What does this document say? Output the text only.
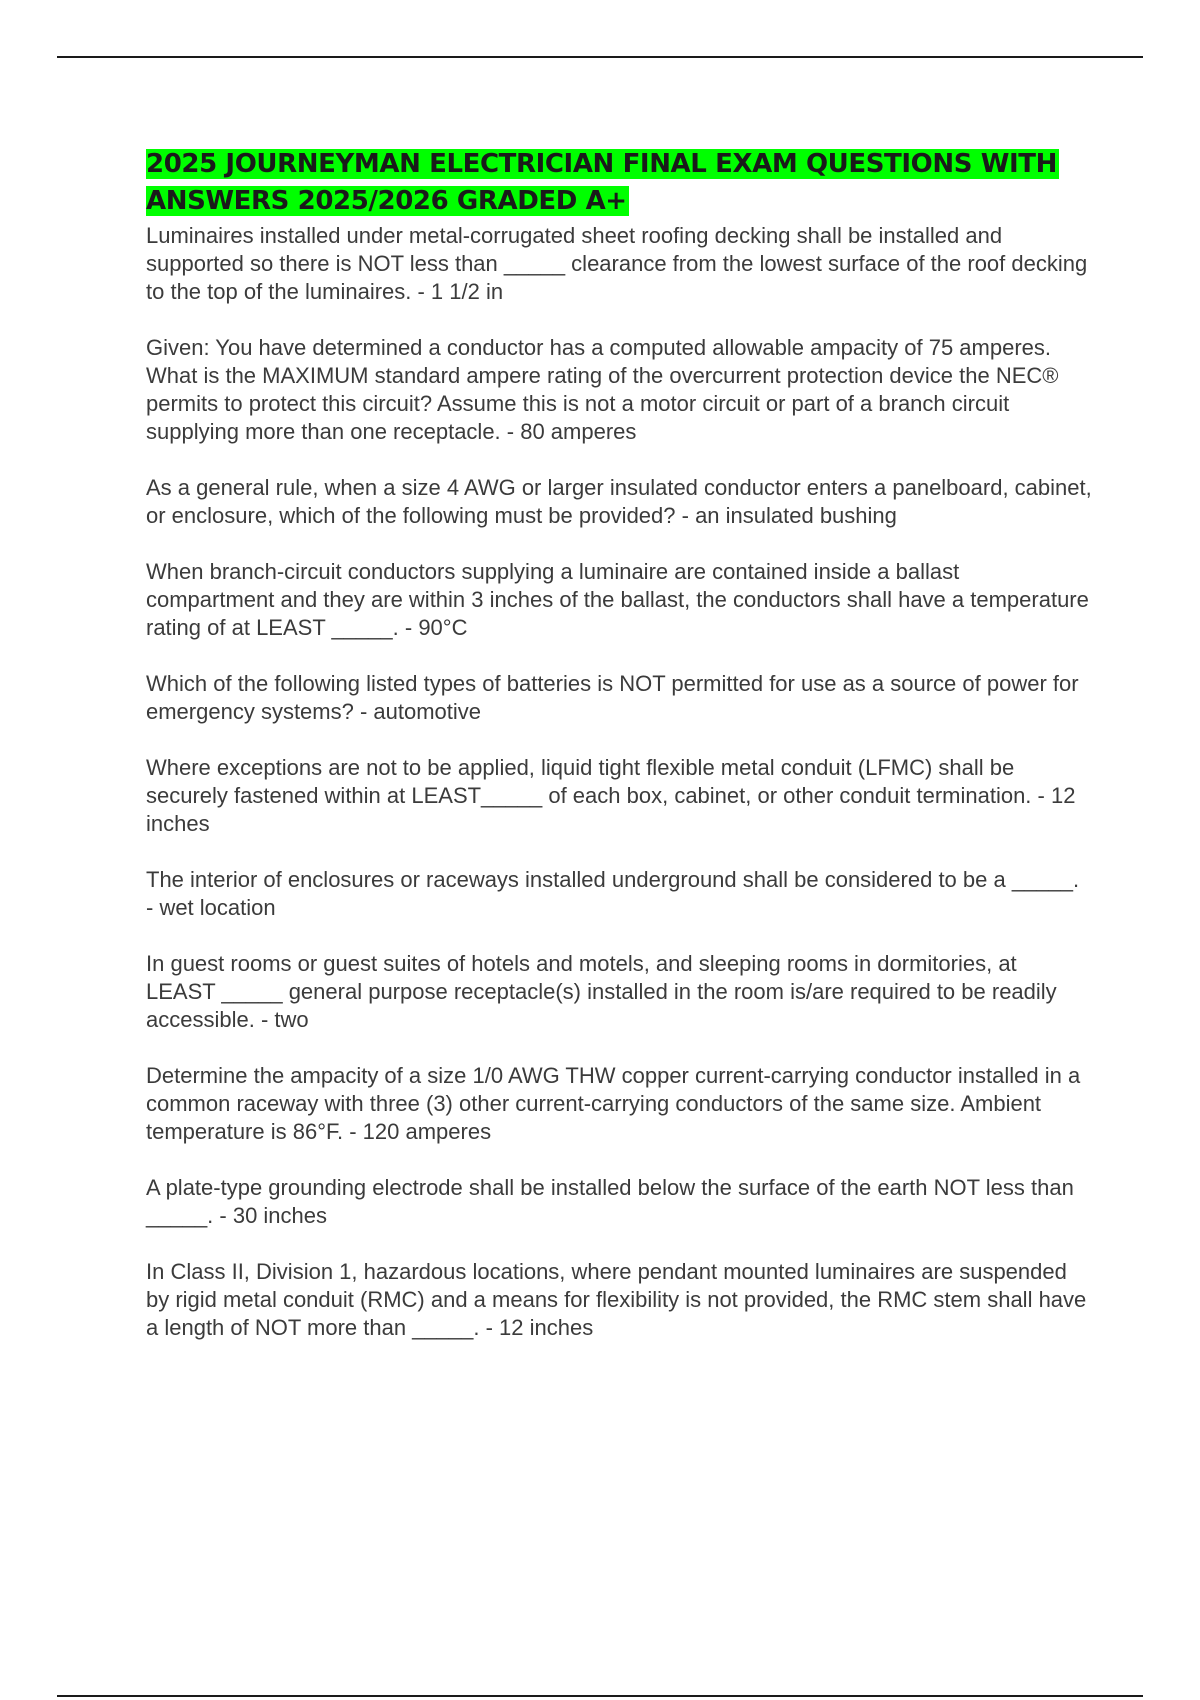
2025 JOURNEYMAN ELECTRICIAN FINAL EXAM QUESTIONS WITH ANSWERS 2025/2026 GRADED A+

Luminaires installed under metal-corrugated sheet roofing decking shall be installed and supported so there is NOT less than _____ clearance from the lowest surface of the roof decking to the top of the luminaires. - 1 1/2 in

Given: You have determined a conductor has a computed allowable ampacity of 75 amperes. What is the MAXIMUM standard ampere rating of the overcurrent protection device the NEC® permits to protect this circuit? Assume this is not a motor circuit or part of a branch circuit supplying more than one receptacle. - 80 amperes

As a general rule, when a size 4 AWG or larger insulated conductor enters a panelboard, cabinet, or enclosure, which of the following must be provided? - an insulated bushing

When branch-circuit conductors supplying a luminaire are contained inside a ballast compartment and they are within 3 inches of the ballast, the conductors shall have a temperature rating of at LEAST _____. - 90°C

Which of the following listed types of batteries is NOT permitted for use as a source of power for emergency systems? - automotive

Where exceptions are not to be applied, liquid tight flexible metal conduit (LFMC) shall be securely fastened within at LEAST_____ of each box, cabinet, or other conduit termination. - 12 inches

The interior of enclosures or raceways installed underground shall be considered to be a _____. - wet location

In guest rooms or guest suites of hotels and motels, and sleeping rooms in dormitories, at LEAST _____ general purpose receptacle(s) installed in the room is/are required to be readily accessible. - two

Determine the ampacity of a size 1/0 AWG THW copper current-carrying conductor installed in a common raceway with three (3) other current-carrying conductors of the same size. Ambient temperature is 86°F. - 120 amperes

A plate-type grounding electrode shall be installed below the surface of the earth NOT less than _____. - 30 inches

In Class II, Division 1, hazardous locations, where pendant mounted luminaires are suspended by rigid metal conduit (RMC) and a means for flexibility is not provided, the RMC stem shall have a length of NOT more than _____. - 12 inches
